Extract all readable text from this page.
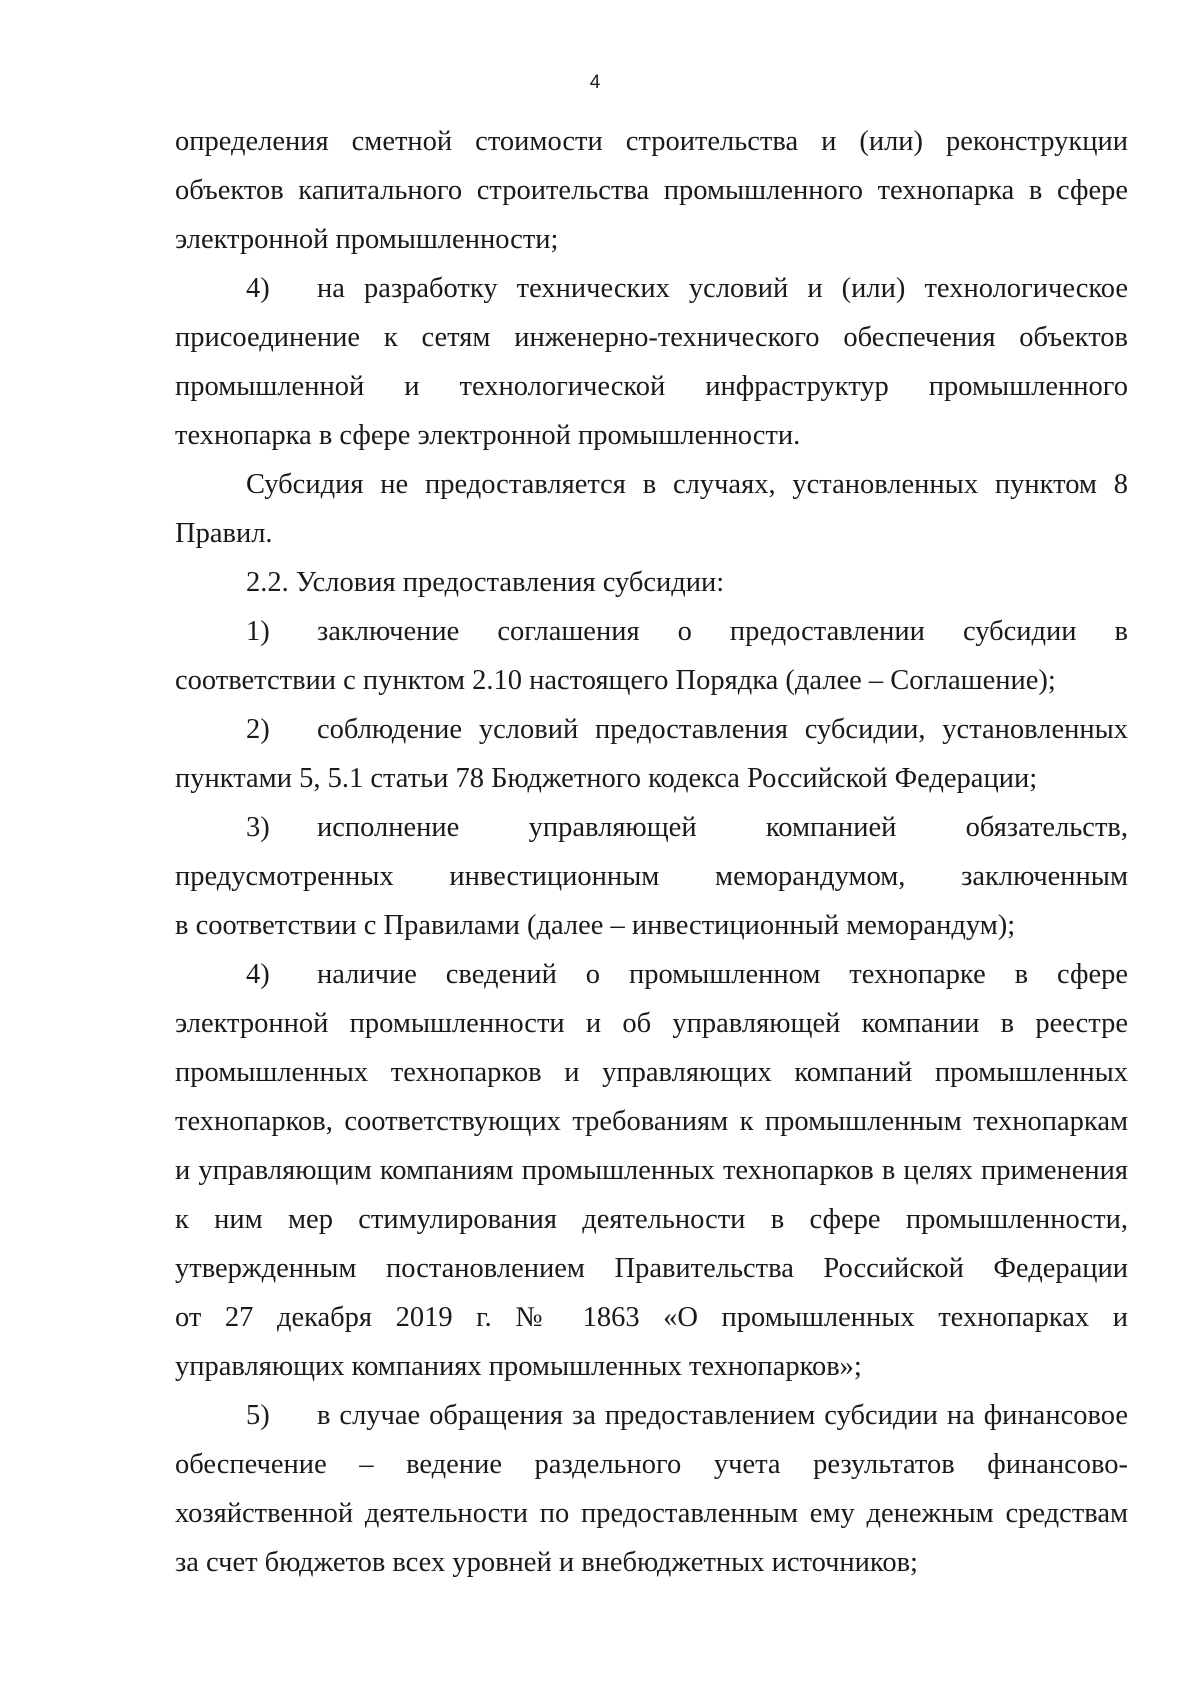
4
определения сметной стоимости строительства и (или) реконструкции
объектов капитального строительства промышленного технопарка в сфере
электронной промышленности;
4) на разработку технических условий и (или) технологическое
присоединение к сетям инженерно-технического обеспечения объектов
промышленной и технологической инфраструктур промышленного
технопарка в сфере электронной промышленности.
Субсидия не предоставляется в случаях, установленных пунктом 8
Правил.
2.2. Условия предоставления субсидии:
1) заключение соглашения о предоставлении субсидии в
соответствии с пунктом 2.10 настоящего Порядка (далее – Соглашение);
2) соблюдение условий предоставления субсидии, установленных
пунктами 5, 5.1 статьи 78 Бюджетного кодекса Российской Федерации;
3) исполнение управляющей компанией обязательств,
предусмотренных инвестиционным меморандумом, заключенным
в соответствии с Правилами (далее – инвестиционный меморандум);
4) наличие сведений о промышленном технопарке в сфере
электронной промышленности и об управляющей компании в реестре
промышленных технопарков и управляющих компаний промышленных
технопарков, соответствующих требованиям к промышленным технопаркам
и управляющим компаниям промышленных технопарков в целях применения
к ним мер стимулирования деятельности в сфере промышленности,
утвержденным постановлением Правительства Российской Федерации
от 27 декабря 2019 г. № 1863 «О промышленных технопарках и
управляющих компаниях промышленных технопарков»;
5) в случае обращения за предоставлением субсидии на финансовое
обеспечение – ведение раздельного учета результатов финансово-
хозяйственной деятельности по предоставленным ему денежным средствам
за счет бюджетов всех уровней и внебюджетных источников;
